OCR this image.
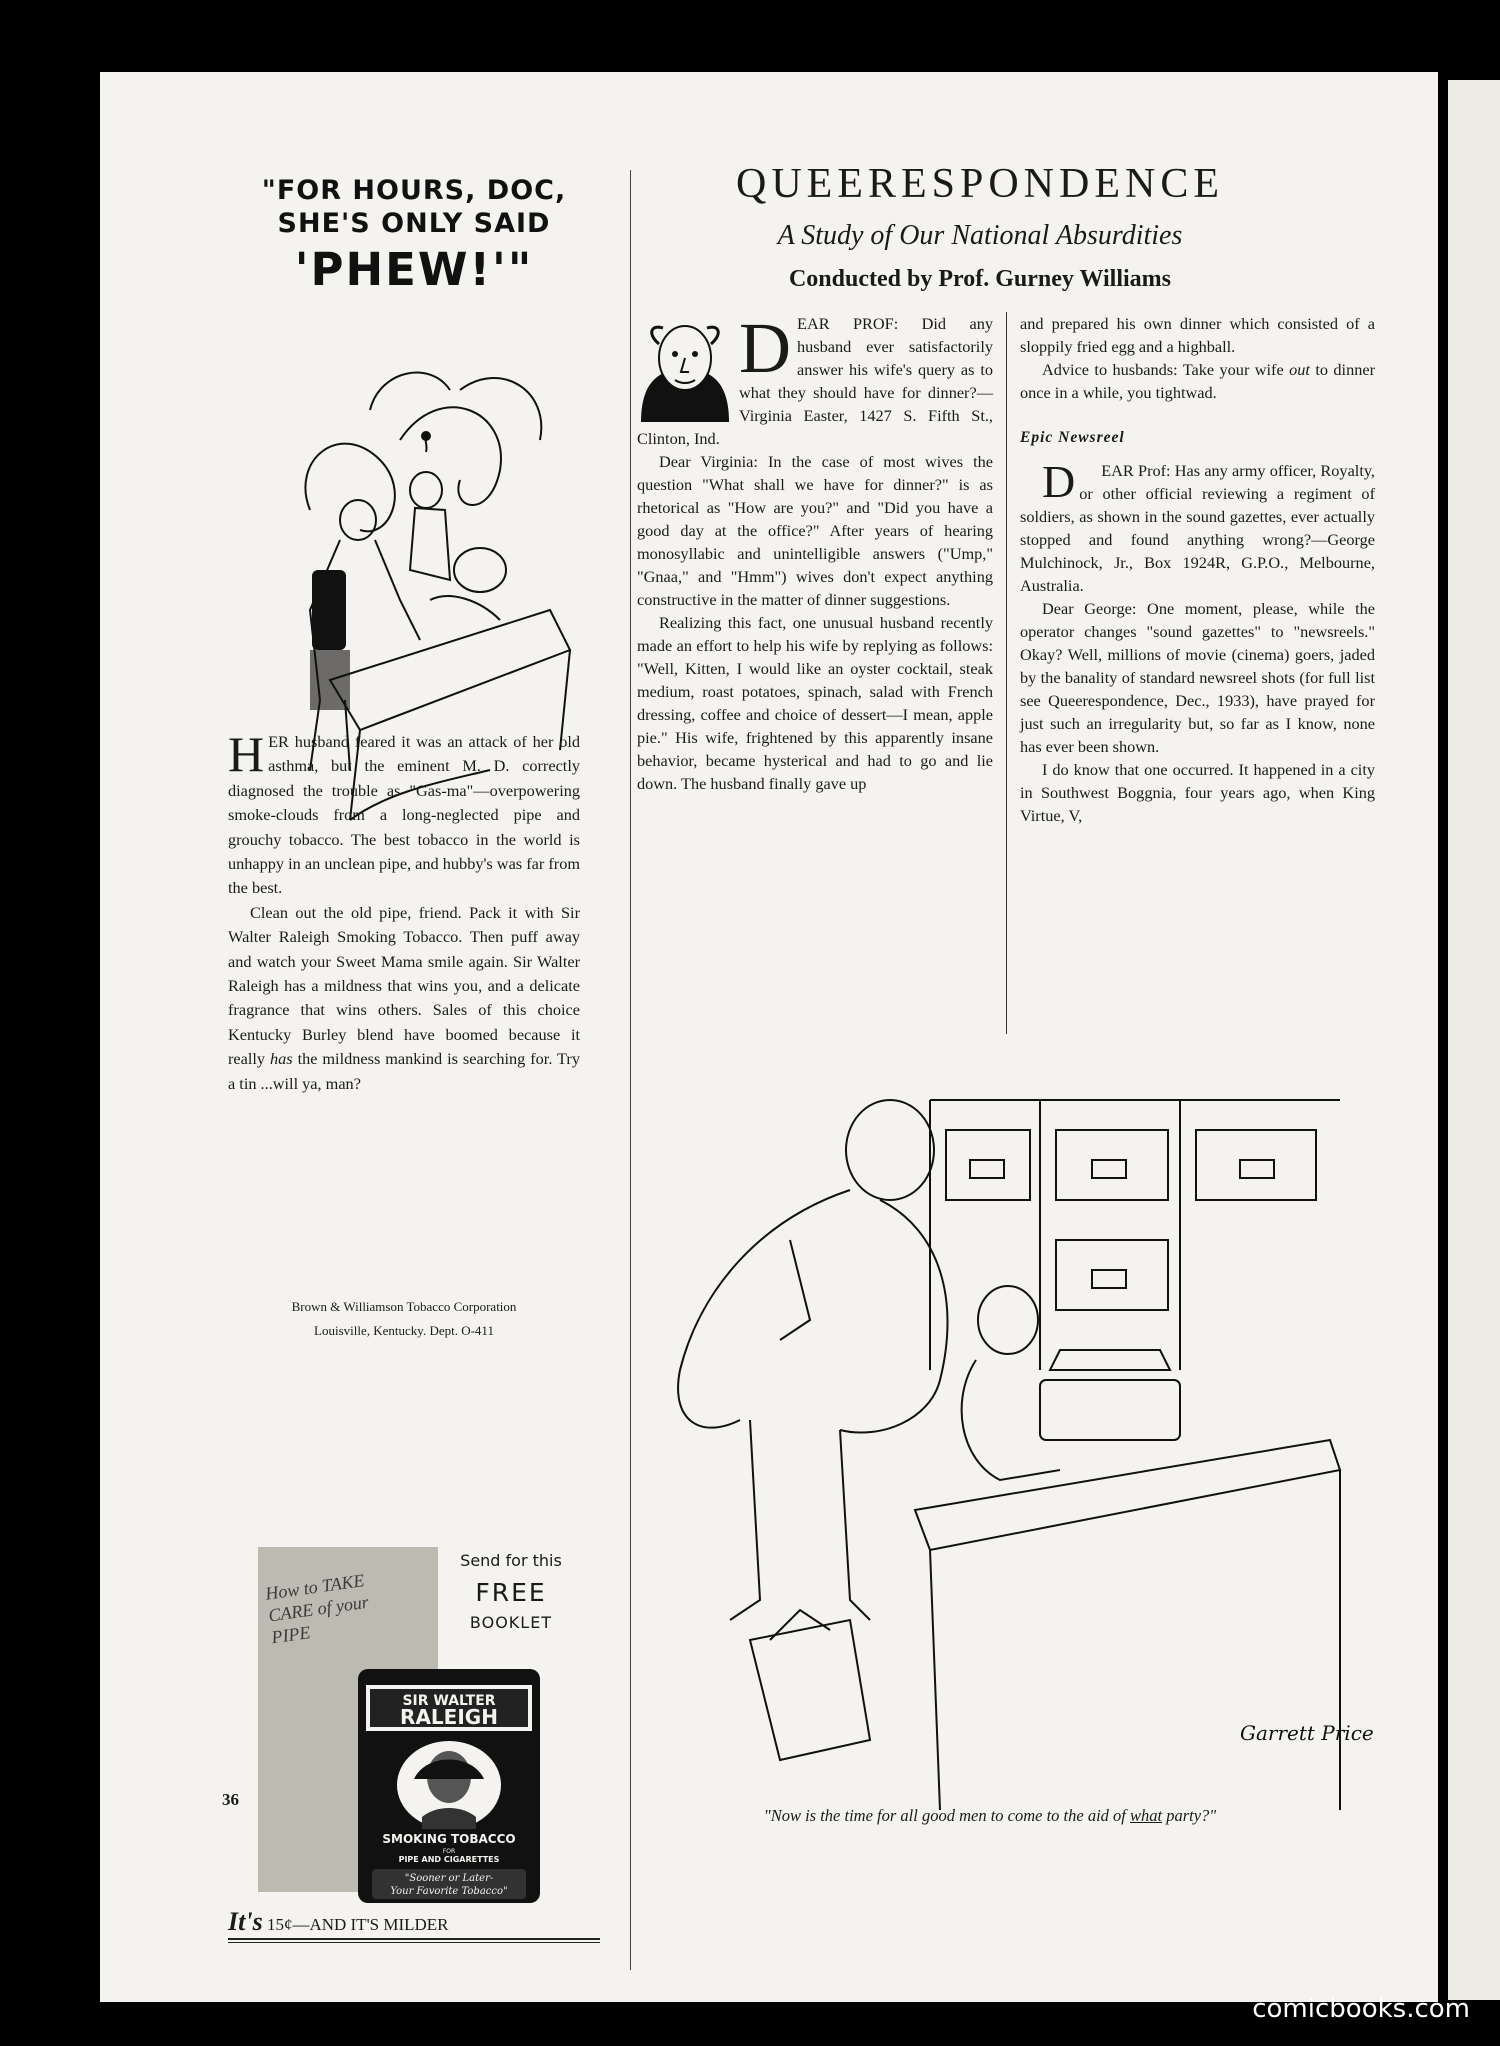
"FOR HOURS, DOC,
SHE'S ONLY SAID
'PHEW!'"

H ER husband feared it was an attack of her old asthma, but the eminent M. D. correctly diagnosed the trouble as "Gas-ma"—overpowering smoke-clouds from a long-neglected pipe and grouchy tobacco. The best tobacco in the world is unhappy in an unclean pipe, and hubby's was far from the best.

Clean out the old pipe, friend. Pack it with Sir Walter Raleigh Smoking Tobacco. Then puff away and watch your Sweet Mama smile again. Sir Walter Raleigh has a mildness that wins you, and a delicate fragrance that wins others. Sales of this choice Kentucky Burley blend have boomed because it really has the mildness mankind is searching for. Try a tin ...will ya, man?

Brown & Williamson Tobacco Corporation
Louisville, Kentucky. Dept. O-411
How to TAKE CARE of your PIPE
Send for this
FREE
BOOKLET
SIR WALTER
RALEIGH
SMOKING TOBACCO
FOR
PIPE AND CIGARETTES
"Sooner or Later-
Your Favorite Tobacco"
It's 15¢—AND IT'S MILDER
36
QUEERESPONDENCE
A Study of Our National Absurdities
Conducted by Prof. Gurney Williams

D EAR PROF: Did any husband ever satisfactorily answer his wife's query as to what they should have for dinner?—Virginia Easter, 1427 S. Fifth St., Clinton, Ind.

Dear Virginia: In the case of most wives the question "What shall we have for dinner?" is as rhetorical as "How are you?" and "Did you have a good day at the office?" After years of hearing monosyllabic and unintelligible answers ("Ump," "Gnaa," and "Hmm") wives don't expect anything constructive in the matter of dinner suggestions.

Realizing this fact, one unusual husband recently made an effort to help his wife by replying as follows: "Well, Kitten, I would like an oyster cocktail, steak medium, roast potatoes, spinach, salad with French dressing, coffee and choice of dessert—I mean, apple pie." His wife, frightened by this apparently insane behavior, became hysterical and had to go and lie down. The husband finally gave up

and prepared his own dinner which consisted of a sloppily fried egg and a highball.

Advice to husbands: Take your wife out to dinner once in a while, you tightwad.

Epic Newsreel

D EAR Prof: Has any army officer, Royalty, or other official reviewing a regiment of soldiers, as shown in the sound gazettes, ever actually stopped and found anything wrong?—George Mulchinock, Jr., Box 1924R, G.P.O., Melbourne, Australia.

Dear George: One moment, please, while the operator changes "sound gazettes" to "newsreels." Okay? Well, millions of movie (cinema) goers, jaded by the banality of standard newsreel shots (for full list see Queerespondence, Dec., 1933), have prayed for just such an irregularity but, so far as I know, none has ever been shown.

I do know that one occurred. It happened in a city in Southwest Boggnia, four years ago, when King Virtue, V,

Garrett Price
"Now is the time for all good men to come to the aid of what party?"
comicbooks.com
